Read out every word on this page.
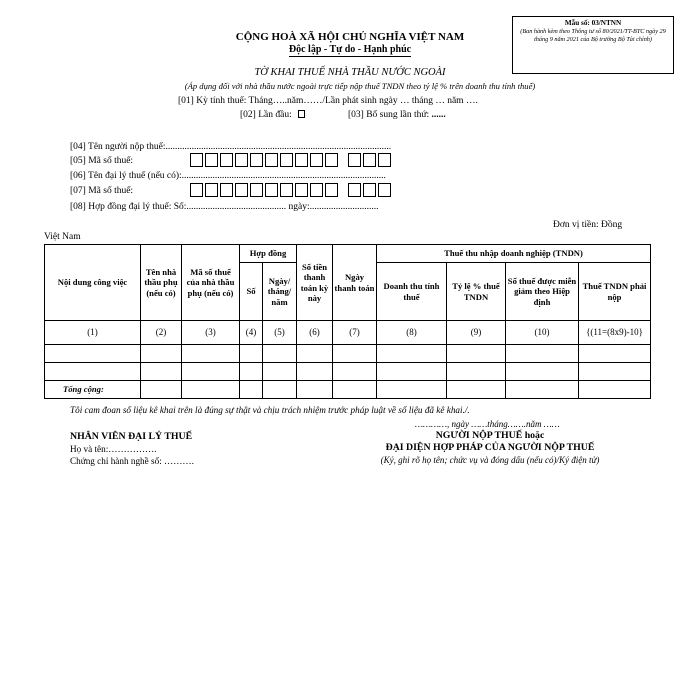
Mẫu số: 03/NTNN
(Ban hành kèm theo Thông tư số 80/2021/TT-BTC ngày 29 tháng 9 năm 2021 của Bộ trưởng Bộ Tài chính)
CỘNG HOÀ XÃ HỘI CHỦ NGHĨA VIỆT NAM
Độc lập - Tự do - Hạnh phúc
TỜ KHAI THUẾ NHÀ THẦU NƯỚC NGOÀI
(Áp dụng đối với nhà thầu nước ngoài trực tiếp nộp thuế TNDN theo tỷ lệ % trên doanh thu tính thuế)
[01] Kỳ tính thuế: Tháng…..năm……/Lần phát sinh ngày … tháng … năm ….
[02] Lần đầu:	[03] Bổ sung lần thứ: ......
[04] Tên người nộp thuế:...............................................................................................
[05] Mã số thuế:
[06] Tên đại lý thuế (nếu có):......................................................................................
[07] Mã số thuế:
[08] Hợp đồng đại lý thuế: Số:.......................................... ngày:.............................
Đơn vị tiền: Đồng
Việt Nam
Nội dung công việc	Tên nhà thầu phụ (nếu có)	Mã số thuế của nhà thầu phụ (nếu có)	Hợp đồng		Số tiền thanh toán kỳ này	Ngày thanh toán	Thuế thu nhập doanh nghiệp (TNDN)			
			Số	Ngày/ tháng/ năm			Doanh thu tính thuế	Tỷ lệ % thuế TNDN	Số thuế được miễn giảm theo Hiệp định	Thuế TNDN phải nộp
(1)	(2)	(3)	(4)	(5)	(6)	(7)	(8)	(9)	(10)	{(11=(8x9)-10}

Tổng cộng:										
Tôi cam đoan số liệu kê khai trên là đúng sự thật và chịu trách nhiệm trước pháp luật về số liệu đã kê khai./.
…………, ngày ……tháng…….năm ……
NHÂN VIÊN ĐẠI LÝ THUẾ
Họ và tên:…………….
Chứng chỉ hành nghề số: ……….
NGƯỜI NỘP THUẾ hoặc
ĐẠI DIỆN HỢP PHÁP CỦA NGƯỜI NỘP THUẾ
(Ký, ghi rõ họ tên; chức vụ và đóng dấu (nếu có)/Ký điện tử)
